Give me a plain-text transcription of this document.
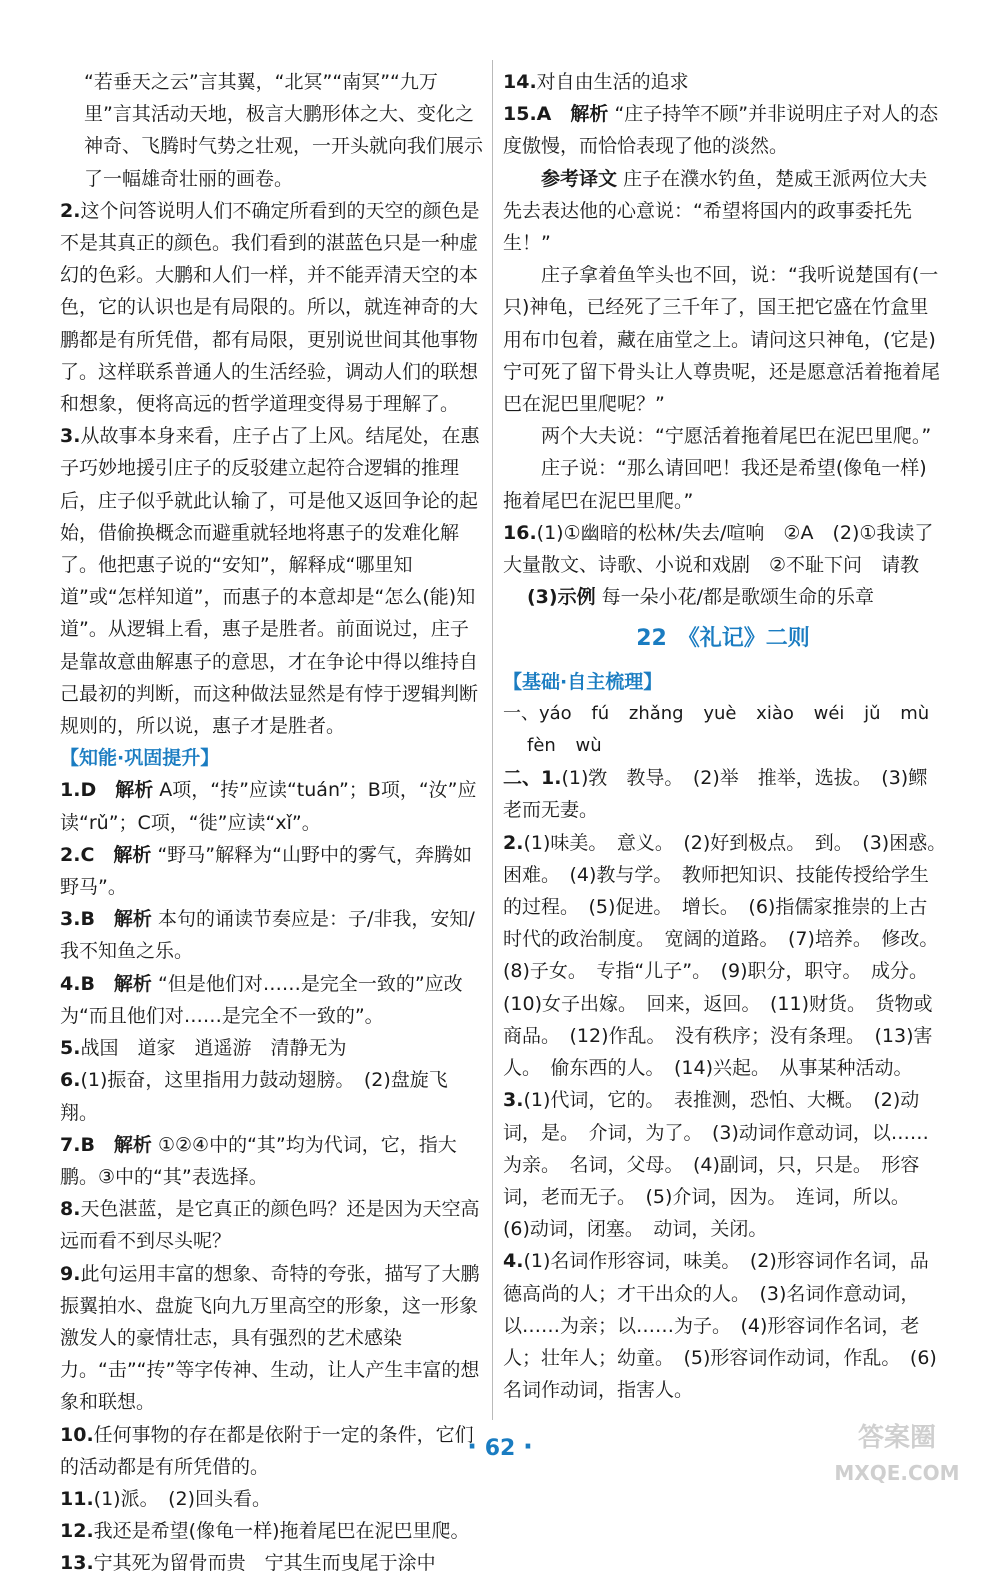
“若垂天之云”言其翼，“北冥”“南冥”“九万里”言其活动天地，极言大鹏形体之大、变化之神奇、飞腾时气势之壮观，一开头就向我们展示了一幅雄奇壮丽的画卷。

2.这个问答说明人们不确定所看到的天空的颜色是不是其真正的颜色。我们看到的湛蓝色只是一种虚幻的色彩。大鹏和人们一样，并不能弄清天空的本色，它的认识也是有局限的。所以，就连神奇的大鹏都是有所凭借，都有局限，更别说世间其他事物了。这样联系普通人的生活经验，调动人们的联想和想象，便将高远的哲学道理变得易于理解了。

3.从故事本身来看，庄子占了上风。结尾处，在惠子巧妙地援引庄子的反驳建立起符合逻辑的推理后，庄子似乎就此认输了，可是他又返回争论的起始，借偷换概念而避重就轻地将惠子的发难化解了。他把惠子说的“安知”，解释成“哪里知道”或“怎样知道”，而惠子的本意却是“怎么(能)知道”。从逻辑上看，惠子是胜者。前面说过，庄子是靠故意曲解惠子的意思，才在争论中得以维持自己最初的判断，而这种做法显然是有悖于逻辑判断规则的，所以说，惠子才是胜者。

【知能·巩固提升】

1.D　解析 A项，“抟”应读“tuán”；B项，“汝”应读“rǔ”；C项，“徙”应读“xǐ”。

2.C　解析 “野马”解释为“山野中的雾气，奔腾如野马”。

3.B　解析 本句的诵读节奏应是：子/非我，安知/我不知鱼之乐。

4.B　解析 “但是他们对……是完全一致的”应改为“而且他们对……是完全不一致的”。

5.战国　道家　逍遥游　清静无为

6.(1)振奋，这里指用力鼓动翅膀。　(2)盘旋飞翔。

7.B　解析 ①②④中的“其”均为代词，它，指大鹏。③中的“其”表选择。

8.天色湛蓝，是它真正的颜色吗？还是因为天空高远而看不到尽头呢？

9.此句运用丰富的想象、奇特的夸张，描写了大鹏振翼拍水、盘旋飞向九万里高空的形象，这一形象激发人的豪情壮志，具有强烈的艺术感染力。“击”“抟”等字传神、生动，让人产生丰富的想象和联想。

10.任何事物的存在都是依附于一定的条件，它们的活动都是有所凭借的。

11.(1)派。　(2)回头看。

12.我还是希望(像龟一样)拖着尾巴在泥巴里爬。

13.宁其死为留骨而贵　宁其生而曳尾于涂中

14.对自由生活的追求

15.A　解析 “庄子持竿不顾”并非说明庄子对人的态度傲慢，而恰恰表现了他的淡然。

参考译文 庄子在濮水钓鱼，楚威王派两位大夫先去表达他的心意说：“希望将国内的政事委托先生！”

庄子拿着鱼竿头也不回，说：“我听说楚国有(一只)神龟，已经死了三千年了，国王把它盛在竹盒里用布巾包着，藏在庙堂之上。请问这只神龟，(它是)宁可死了留下骨头让人尊贵呢，还是愿意活着拖着尾巴在泥巴里爬呢？”

两个大夫说：“宁愿活着拖着尾巴在泥巴里爬。”

庄子说：“那么请回吧！我还是希望(像龟一样)拖着尾巴在泥巴里爬。”

16.(1)①幽暗的松林/失去/喧响　②A　(2)①我读了大量散文、诗歌、小说和戏剧　②不耻下问　请教

(3)示例 每一朵小花/都是歌颂生命的乐章

22　《礼记》二则

【基础·自主梳理】

一、yáo fú zhǎng yuè xiào wéi jǔ mù

fèn wù

二、1.(1)敩　教导。　(2)举　推举，选拔。　(3)鳏　老而无妻。

2.(1)味美。　意义。　(2)好到极点。　到。　(3)困惑。　困难。　(4)教与学。　教师把知识、技能传授给学生的过程。　(5)促进。　增长。　(6)指儒家推崇的上古时代的政治制度。　宽阔的道路。　(7)培养。　修改。　(8)子女。　专指“儿子”。　(9)职分，职守。　成分。　(10)女子出嫁。　回来，返回。　(11)财货。　货物或商品。　(12)作乱。　没有秩序；没有条理。　(13)害人。　偷东西的人。　(14)兴起。　从事某种活动。

3.(1)代词，它的。　表推测，恐怕、大概。　(2)动词，是。　介词，为了。　(3)动词作意动词，以……为亲。　名词，父母。　(4)副词，只，只是。　形容词，老而无子。　(5)介词，因为。　连词，所以。　(6)动词，闭塞。　动词，关闭。

4.(1)名词作形容词，味美。　(2)形容词作名词，品德高尚的人；才干出众的人。　(3)名词作意动词，以……为亲；以……为子。　(4)形容词作名词，老人；壮年人；幼童。　(5)形容词作动词，作乱。　(6)名词作动词，指害人。

· 62 ·	答案圈
MXQE.COM
